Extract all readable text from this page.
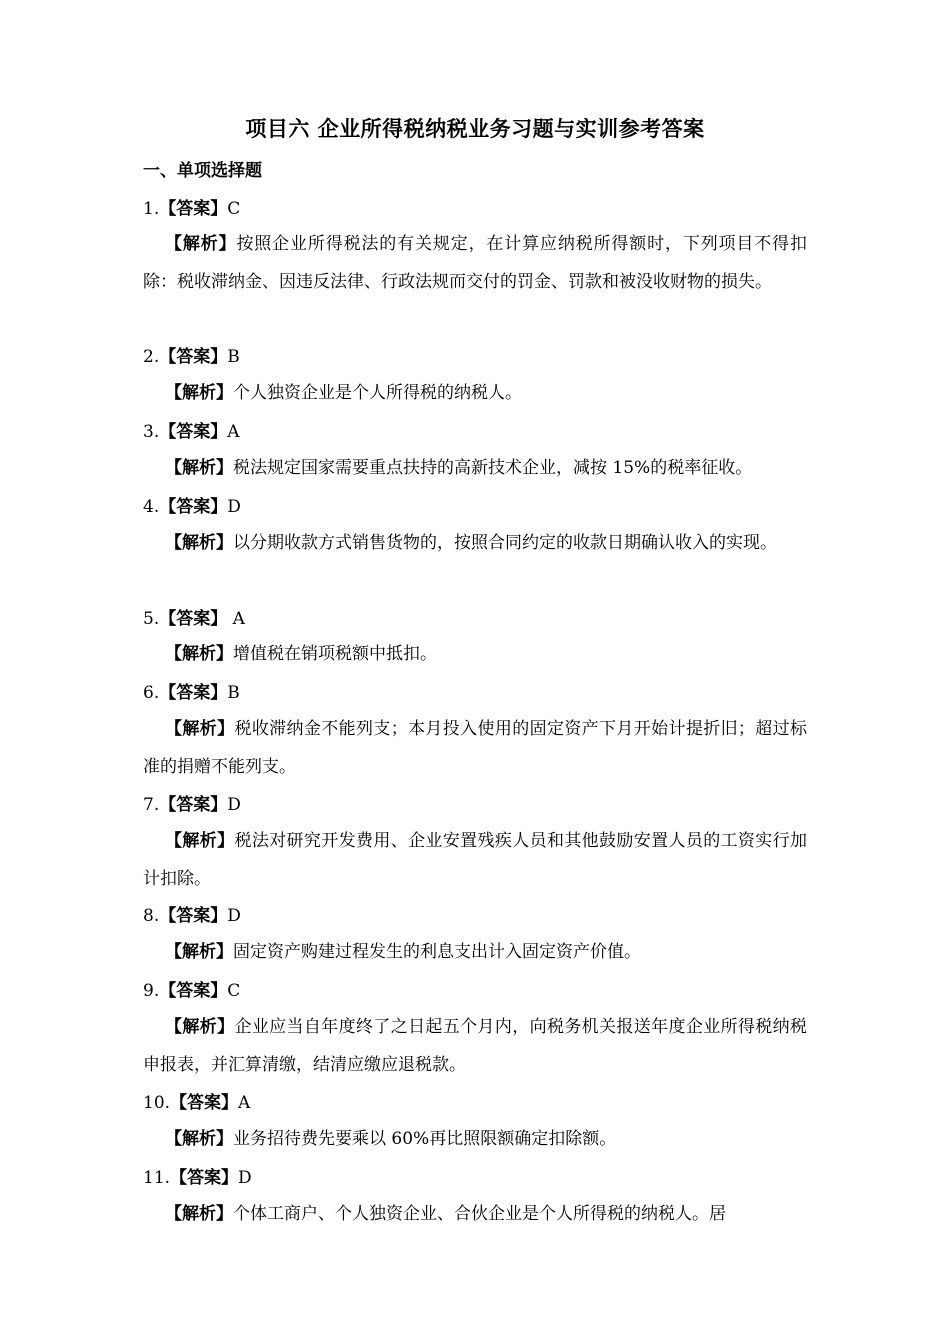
项目六 企业所得税纳税业务习题与实训参考答案
一、单项选择题
1.【答案】C
【解析】按照企业所得税法的有关规定，在计算应纳税所得额时，下列项目不得扣除：税收滞纳金、因违反法律、行政法规而交付的罚金、罚款和被没收财物的损失。
2.【答案】B
【解析】个人独资企业是个人所得税的纳税人。
3.【答案】A
【解析】税法规定国家需要重点扶持的高新技术企业，减按 15%的税率征收。
4.【答案】D
【解析】以分期收款方式销售货物的，按照合同约定的收款日期确认收入的实现。
5.【答案】 A
【解析】增值税在销项税额中抵扣。
6.【答案】B
【解析】税收滞纳金不能列支；本月投入使用的固定资产下月开始计提折旧；超过标准的捐赠不能列支。
7.【答案】D
【解析】税法对研究开发费用、企业安置残疾人员和其他鼓励安置人员的工资实行加计扣除。
8.【答案】D
【解析】固定资产购建过程发生的利息支出计入固定资产价值。
9.【答案】C
【解析】企业应当自年度终了之日起五个月内，向税务机关报送年度企业所得税纳税申报表，并汇算清缴，结清应缴应退税款。
10.【答案】A
【解析】业务招待费先要乘以 60%再比照限额确定扣除额。
11.【答案】D
【解析】个体工商户、个人独资企业、合伙企业是个人所得税的纳税人。居
